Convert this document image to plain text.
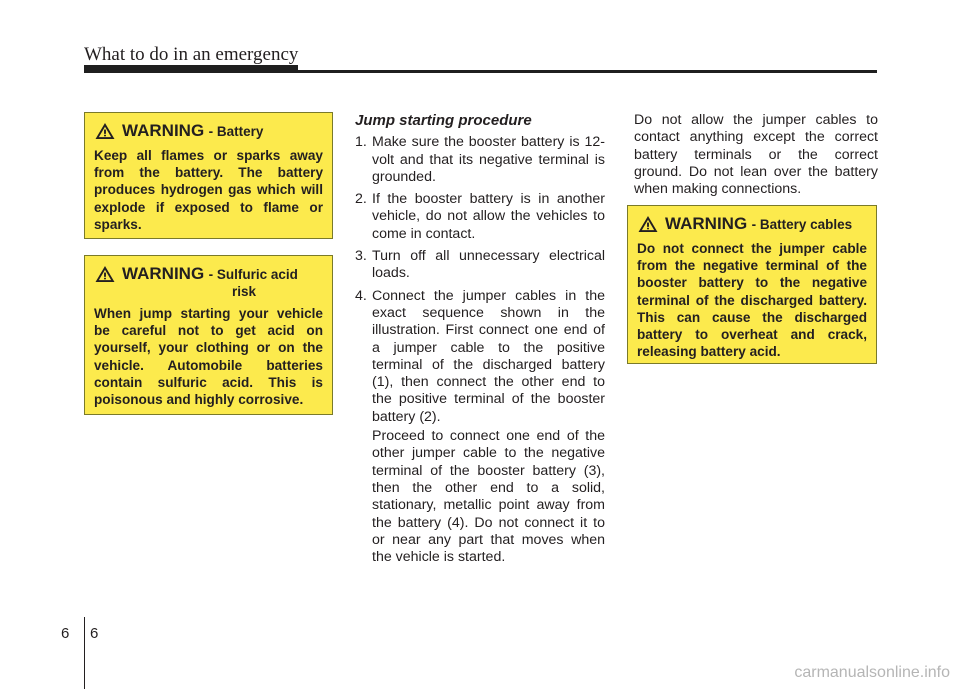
What to do in an emergency
WARNING - Battery
Keep all flames or sparks away from the battery. The battery produces hydrogen gas which will explode if exposed to flame or sparks.
WARNING - Sulfuric acid
risk
When jump starting your vehicle be careful not to get acid on yourself, your clothing or on the vehicle. Automobile batteries contain sulfuric acid. This is poisonous and highly corrosive.
Jump starting procedure
1. Make sure the booster battery is 12-volt and that its negative terminal is grounded.
2. If the booster battery is in another vehicle, do not allow the vehicles to come in contact.
3. Turn off all unnecessary electrical loads.
4. Connect the jumper cables in the exact sequence shown in the illustration. First connect one end of a jumper cable to the positive terminal of the discharged battery (1), then connect the other end to the positive terminal of the booster battery (2).
Proceed to connect one end of the other jumper cable to the negative terminal of the booster battery (3), then the other end to a solid, stationary, metallic point away from the battery (4). Do not connect it to or near any part that moves when the vehicle is started.
Do not allow the jumper cables to contact anything except the correct battery terminals or the correct ground. Do not lean over the battery when making connections.
WARNING - Battery cables
Do not connect the jumper cable from the negative terminal of the booster battery to the negative terminal of the discharged battery. This can cause the discharged battery to overheat and crack, releasing battery acid.
6 6
carmanualsonline.info
